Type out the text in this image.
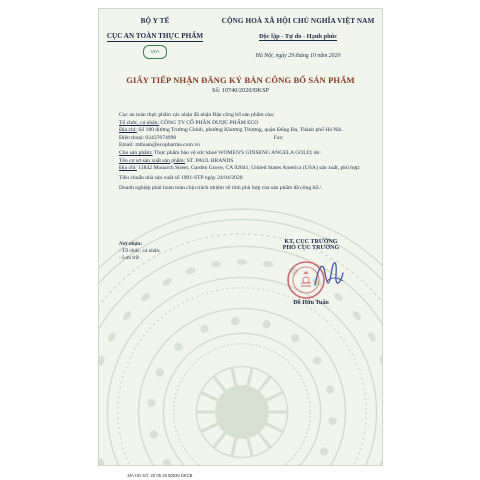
BỘ Y TẾ
CỤC AN TOÀN THỰC PHẨM
VFA
CỘNG HOÀ XÃ HỘI CHỦ NGHĨA VIỆT NAM
Độc lập - Tự do - Hạnh phúc
Hà Nội, ngày 29 tháng 10 năm 2020
GIẤY TIẾP NHẬN ĐĂNG KÝ BẢN CÔNG BỐ SẢN PHẨM
Số: 10740/2020/ĐKSP
Cục an toàn thực phẩm xác nhận đã nhận Bản công bố sản phẩm của:
Tổ chức, cá nhân: CÔNG TY CỔ PHẦN DƯỢC PHẨM ECO
Địa chỉ: Số 180 đường Trường Chinh, phường Khương Thượng, quận Đống Đa, Thành phố Hà Nội.
Điện thoại: 02437674990	Fax:
Email: mthuan@ecopharma.com.vn
Cho sản phẩm: Thực phẩm bảo vệ sức khoẻ WOMEN'S GINSENG ANGELA GOLD; do:
Tên cơ sở sản xuất sản phẩm: ST. PAUL BRANDS
Địa chỉ: 11842 Monarch Street, Garden Grove, CA 92841, United States America (USA) sản xuất, phù hợp:
Tiêu chuẩn nhà sản xuất số 1091-STP ngày 24/04/2020
Doanh nghiệp phải hoàn toàn chịu trách nhiệm về tính phù hợp của sản phẩm đã công bố./.
Nơi nhận:
- Tổ chức, cá nhân;
- Lưu trữ.
KT. CỤC TRƯỞNG
PHÓ CỤC TRƯỞNG
Đỗ Hữu Tuấn
MA HO SO: 20 05 19 50530 DKCB
